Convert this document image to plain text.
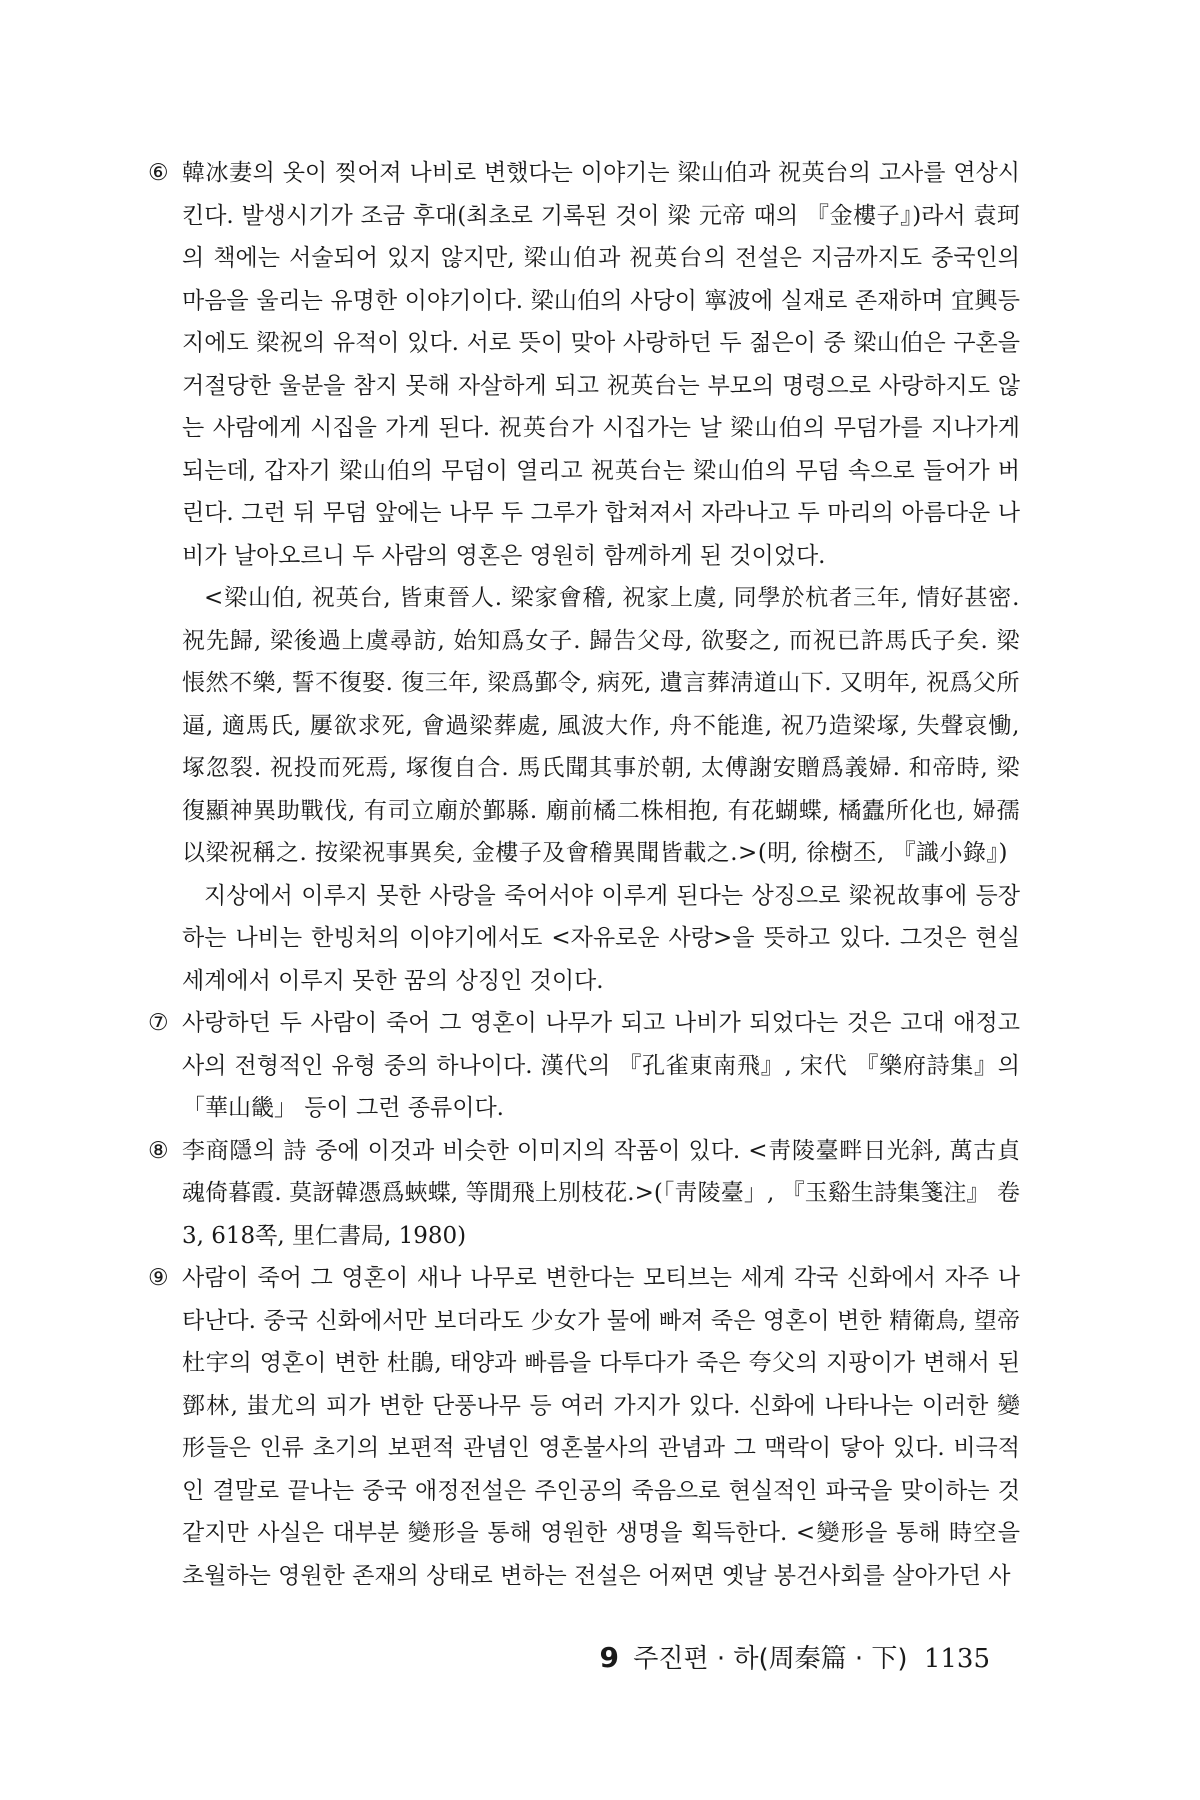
⑥ 韓冰妻의 옷이 찢어져 나비로 변했다는 이야기는 梁山伯과 祝英台의 고사를 연상시킨다. 발생시기가 조금 후대(최초로 기록된 것이 梁 元帝 때의 『金樓子』)라서 袁珂의 책에는 서술되어 있지 않지만, 梁山伯과 祝英台의 전설은 지금까지도 중국인의 마음을 울리는 유명한 이야기이다. 梁山伯의 사당이 寧波에 실재로 존재하며 宜興등지에도 梁祝의 유적이 있다. 서로 뜻이 맞아 사랑하던 두 젊은이 중 梁山伯은 구혼을 거절당한 울분을 참지 못해 자살하게 되고 祝英台는 부모의 명령으로 사랑하지도 않는 사람에게 시집을 가게 된다. 祝英台가 시집가는 날 梁山伯의 무덤가를 지나가게 되는데, 갑자기 梁山伯의 무덤이 열리고 祝英台는 梁山伯의 무덤 속으로 들어가 버린다. 그런 뒤 무덤 앞에는 나무 두 그루가 합쳐져서 자라나고 두 마리의 아름다운 나비가 날아오르니 두 사람의 영혼은 영원히 함께하게 된 것이었다.

<梁山伯, 祝英台, 皆東晉人. 梁家會稽, 祝家上虞, 同學於杭者三年, 情好甚密. 祝先歸, 梁後過上虞尋訪, 始知爲女子. 歸告父母, 欲娶之, 而祝已許馬氏子矣. 梁悵然不樂, 誓不復娶. 復三年, 梁爲鄞令, 病死, 遺言葬淸道山下. 又明年, 祝爲父所逼, 適馬氏, 屢欲求死, 會過梁葬處, 風波大作, 舟不能進, 祝乃造梁塚, 失聲哀慟, 塚忽裂. 祝投而死焉, 塚復自合. 馬氏聞其事於朝, 太傅謝安贈爲義婦. 和帝時, 梁復顯神異助戰伐, 有司立廟於鄞縣. 廟前橘二株相抱, 有花蝴蝶, 橘蠹所化也, 婦孺以梁祝稱之. 按梁祝事異矣, 金樓子及會稽異聞皆載之.>(明, 徐樹丕, 『識小錄』)

지상에서 이루지 못한 사랑을 죽어서야 이루게 된다는 상징으로 梁祝故事에 등장하는 나비는 한빙처의 이야기에서도 <자유로운 사랑>을 뜻하고 있다. 그것은 현실세계에서 이루지 못한 꿈의 상징인 것이다.

⑦ 사랑하던 두 사람이 죽어 그 영혼이 나무가 되고 나비가 되었다는 것은 고대 애정고사의 전형적인 유형 중의 하나이다. 漢代의 『孔雀東南飛』, 宋代 『樂府詩集』의 「華山畿」 등이 그런 종류이다.
⑧ 李商隱의 詩 중에 이것과 비슷한 이미지의 작품이 있다. <靑陵臺畔日光斜, 萬古貞魂倚暮霞. 莫訝韓憑爲蛺蝶, 等閒飛上別枝花.>(「靑陵臺」, 『玉谿生詩集箋注』 卷3, 618쪽, 里仁書局, 1980)
⑨ 사람이 죽어 그 영혼이 새나 나무로 변한다는 모티브는 세계 각국 신화에서 자주 나타난다. 중국 신화에서만 보더라도 少女가 물에 빠져 죽은 영혼이 변한 精衛鳥, 望帝 杜宇의 영혼이 변한 杜鵑, 태양과 빠름을 다투다가 죽은 夸父의 지팡이가 변해서 된 鄧林, 蚩尤의 피가 변한 단풍나무 등 여러 가지가 있다. 신화에 나타나는 이러한 變形들은 인류 초기의 보편적 관념인 영혼불사의 관념과 그 맥락이 닿아 있다. 비극적인 결말로 끝나는 중국 애정전설은 주인공의 죽음으로 현실적인 파국을 맞이하는 것 같지만 사실은 대부분 變形을 통해 영원한 생명을 획득한다. <變形을 통해 時空을 초월하는 영원한 존재의 상태로 변하는 전설은 어쩌면 옛날 봉건사회를 살아가던 사
9 주진편 · 하(周秦篇 · 下) 1135
